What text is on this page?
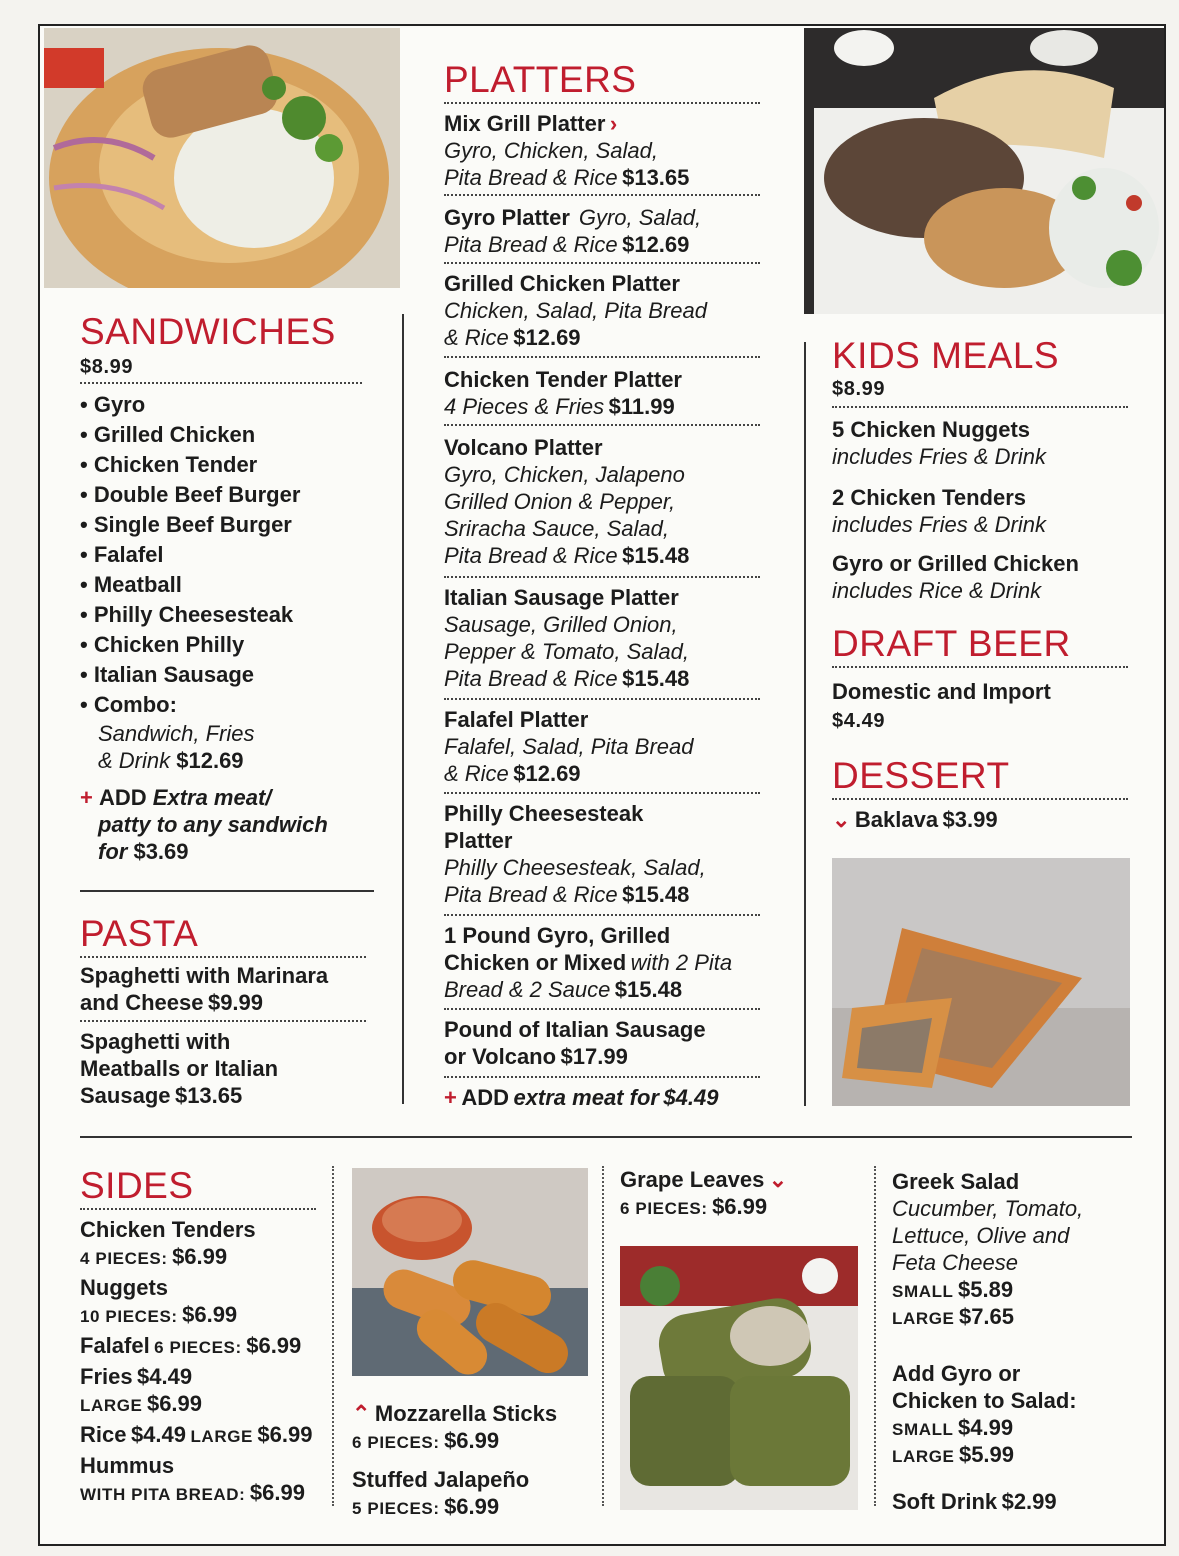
SANDWICHES
$8.99
• Gyro
• Grilled Chicken
• Chicken Tender
• Double Beef Burger
• Single Beef Burger
• Falafel
• Meatball
• Philly Cheesesteak
• Chicken Philly
• Italian Sausage
• Combo:
Sandwich, Fries
& Drink $12.69
+ ADD Extra meat/
patty to any sandwich
for $3.69
PASTA
Spaghetti with Marinara
and Cheese $9.99
Spaghetti with
Meatballs or Italian
Sausage $13.65
PLATTERS
Mix Grill Platter ›
Gyro, Chicken, Salad,
Pita Bread & Rice $13.65
Gyro Platter Gyro, Salad,
Pita Bread & Rice $12.69
Grilled Chicken Platter
Chicken, Salad, Pita Bread
& Rice $12.69
Chicken Tender Platter
4 Pieces & Fries $11.99
Volcano Platter
Gyro, Chicken, Jalapeno
Grilled Onion & Pepper,
Sriracha Sauce, Salad,
Pita Bread & Rice $15.48
Italian Sausage Platter
Sausage, Grilled Onion,
Pepper & Tomato, Salad,
Pita Bread & Rice $15.48
Falafel Platter
Falafel, Salad, Pita Bread
& Rice $12.69
Philly Cheesesteak
Platter
Philly Cheesesteak, Salad,
Pita Bread & Rice $15.48
1 Pound Gyro, Grilled
Chicken or Mixed with 2 Pita
Bread & 2 Sauce $15.48
Pound of Italian Sausage
or Volcano $17.99
+ ADD extra meat for $4.49
KIDS MEALS
$8.99
5 Chicken Nuggets
includes Fries & Drink
2 Chicken Tenders
includes Fries & Drink
Gyro or Grilled Chicken
includes Rice & Drink
DRAFT BEER
Domestic and Import
$4.49
DESSERT
⌄ Baklava $3.99
SIDES
Chicken Tenders
4 PIECES: $6.99
Nuggets
10 PIECES: $6.99
Falafel 6 PIECES: $6.99
Fries $4.49
LARGE $6.99
Rice $4.49 LARGE $6.99
Hummus
WITH PITA BREAD: $6.99
⌃ Mozzarella Sticks
6 PIECES: $6.99
Stuffed Jalapeño
5 PIECES: $6.99
Grape Leaves ⌄
6 PIECES: $6.99
Greek Salad
Cucumber, Tomato,
Lettuce, Olive and
Feta Cheese
SMALL $5.89
LARGE $7.65
Add Gyro or
Chicken to Salad:
SMALL $4.99
LARGE $5.99
Soft Drink $2.99
